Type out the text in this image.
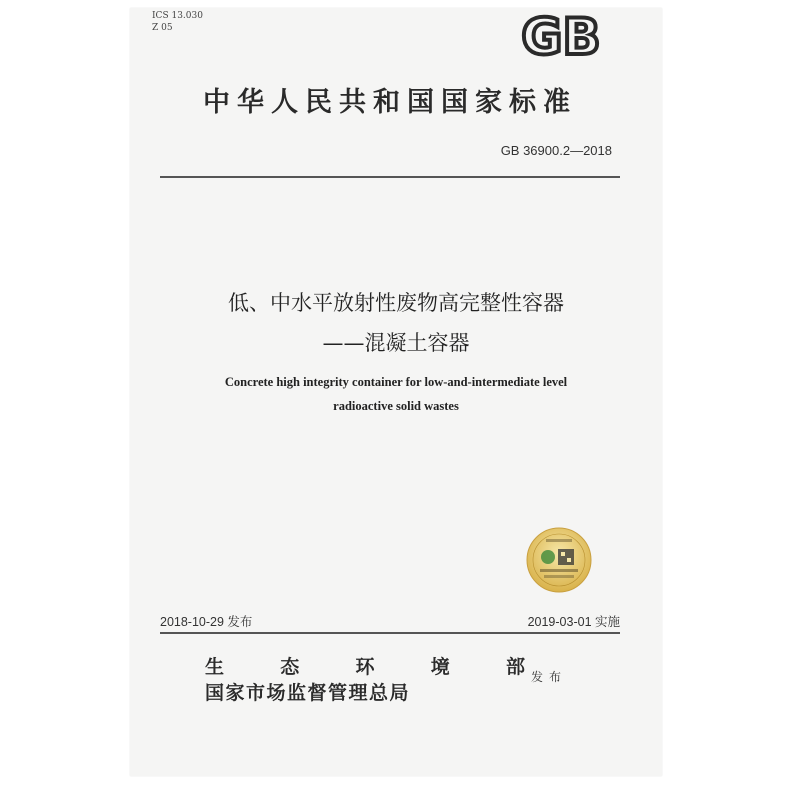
ICS 13.030
Z 05	GB
中华人民共和国国家标准
GB 36900.2—2018
低、中水平放射性废物高完整性容器
——混凝土容器
Concrete high integrity container for low-and-intermediate level
radioactive solid wastes
2018-10-29 发布	2019-03-01 实施
生	态	环	境	部
国家市场监督管理总局
发布
